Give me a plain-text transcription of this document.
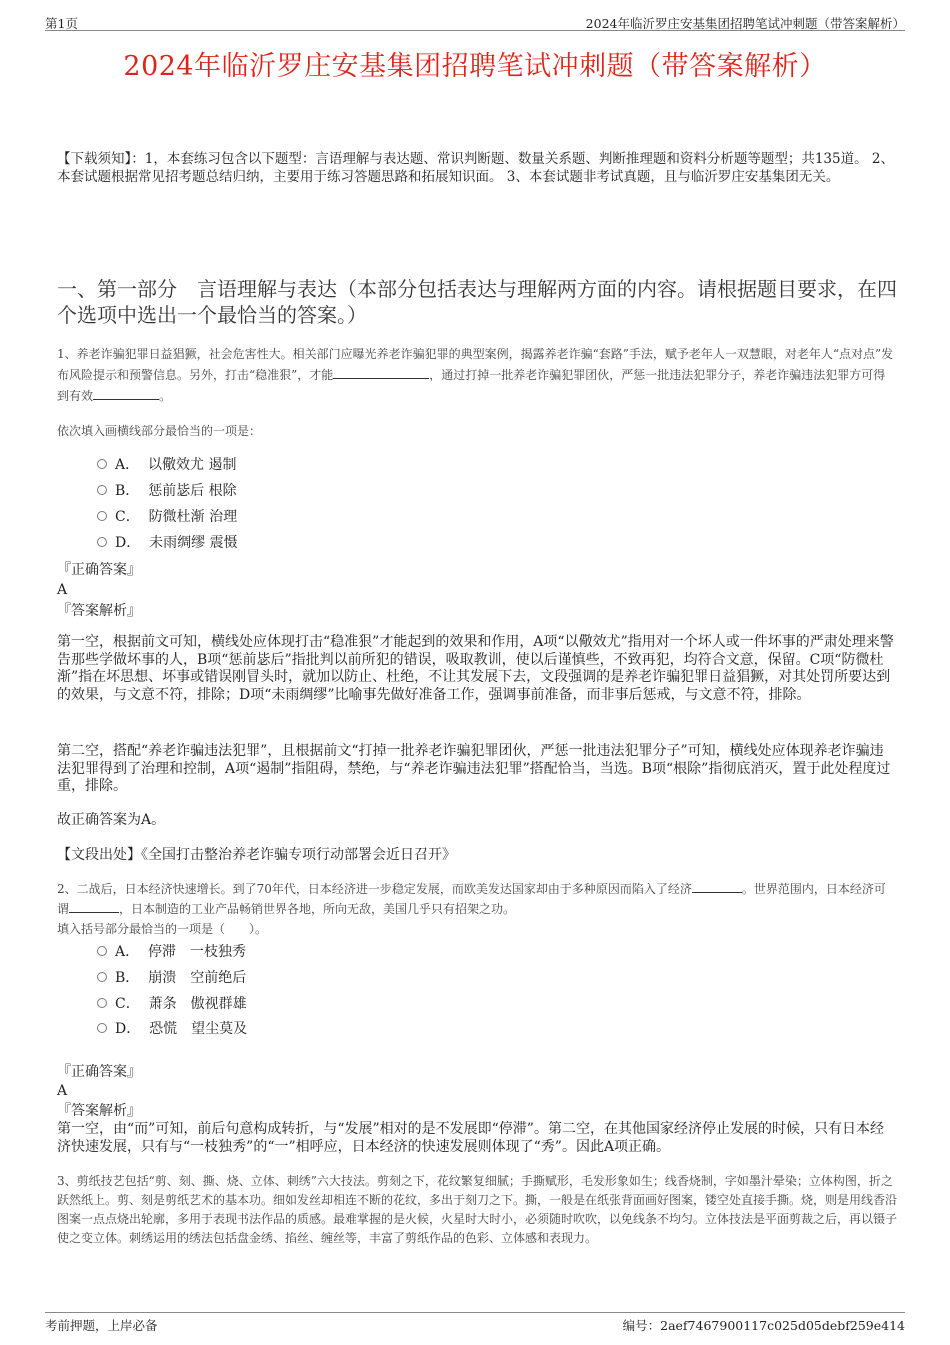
第1页	2024年临沂罗庄安基集团招聘笔试冲刺题（带答案解析）
2024年临沂罗庄安基集团招聘笔试冲刺题（带答案解析）
【下载须知】：1，本套练习包含以下题型：言语理解与表达题、常识判断题、数量关系题、判断推理题和资料分析题等题型；共135道。 2、本套试题根据常见招考题总结归纳，主要用于练习答题思路和拓展知识面。 3、本套试题非考试真题，且与临沂罗庄安基集团无关。
一、第一部分　言语理解与表达（本部分包括表达与理解两方面的内容。请根据题目要求，在四个选项中选出一个最恰当的答案。）
1、养老诈骗犯罪日益猖獗，社会危害性大。相关部门应曝光养老诈骗犯罪的典型案例，揭露养老诈骗“套路”手法，赋予老年人一双慧眼，对老年人“点对点”发布风险提示和预警信息。另外，打击“稳准狠”，才能	，通过打掉一批养老诈骗犯罪团伙，严惩一批违法犯罪分子，养老诈骗违法犯罪方可得到有效	。
依次填入画横线部分最恰当的一项是：
A． 以儆效尤 遏制
B． 惩前毖后 根除
C． 防微杜渐 治理
D． 未雨绸缪 震慑
『正确答案』
A
『答案解析』
第一空，根据前文可知，横线处应体现打击“稳准狠”才能起到的效果和作用，A项“以儆效尤”指用对一个坏人或一件坏事的严肃处理来警告那些学做坏事的人，B项“惩前毖后”指批判以前所犯的错误，吸取教训，使以后谨慎些，不致再犯，均符合文意，保留。C项“防微杜渐”指在坏思想、坏事或错误刚冒头时，就加以防止、杜绝，不让其发展下去，文段强调的是养老诈骗犯罪日益猖獗，对其处罚所要达到的效果，与文意不符，排除；D项“未雨绸缪”比喻事先做好准备工作，强调事前准备，而非事后惩戒，与文意不符，排除。
第二空，搭配“养老诈骗违法犯罪”，且根据前文“打掉一批养老诈骗犯罪团伙，严惩一批违法犯罪分子”可知，横线处应体现养老诈骗违法犯罪得到了治理和控制，A项“遏制”指阻碍，禁绝，与“养老诈骗违法犯罪”搭配恰当，当选。B项“根除”指彻底消灭，置于此处程度过重，排除。
故正确答案为A。
【文段出处】《全国打击整治养老诈骗专项行动部署会近日召开》
2、二战后，日本经济快速增长。到了70年代，日本经济进一步稳定发展，而欧美发达国家却由于多种原因而陷入了经济	。世界范围内，日本经济可谓	，日本制造的工业产品畅销世界各地，所向无敌，美国几乎只有招架之功。
填入括号部分最恰当的一项是（　　）。
A． 停滞　一枝独秀
B． 崩溃　空前绝后
C． 萧条　傲视群雄
D． 恐慌　望尘莫及
『正确答案』
A
『答案解析』
第一空，由“而”可知，前后句意构成转折，与“发展”相对的是不发展即“停滞”。第二空，在其他国家经济停止发展的时候，只有日本经济快速发展，只有与“一枝独秀”的“一”相呼应，日本经济的快速发展则体现了“秀”。因此A项正确。
3、剪纸技艺包括“剪、刻、撕、烧、立体、刺绣”六大技法。剪刻之下，花纹繁复细腻；手撕赋形，毛发形象如生；线香烧制，字如墨汁晕染；立体构图，折之跃然纸上。剪、刻是剪纸艺术的基本功。细如发丝却相连不断的花纹，多出于刻刀之下。撕，一般是在纸张背面画好图案，镂空处直接手撕。烧，则是用线香沿图案一点点烧出轮廓，多用于表现书法作品的质感。最难掌握的是火候，火星时大时小，必须随时吹吹，以免线条不均匀。立体技法是平面剪裁之后，再以镊子使之变立体。刺绣运用的绣法包括盘金绣、掐丝、缠丝等，丰富了剪纸作品的色彩、立体感和表现力。
考前押题，上岸必备	编号：2aef7467900117c025d05debf259e414
